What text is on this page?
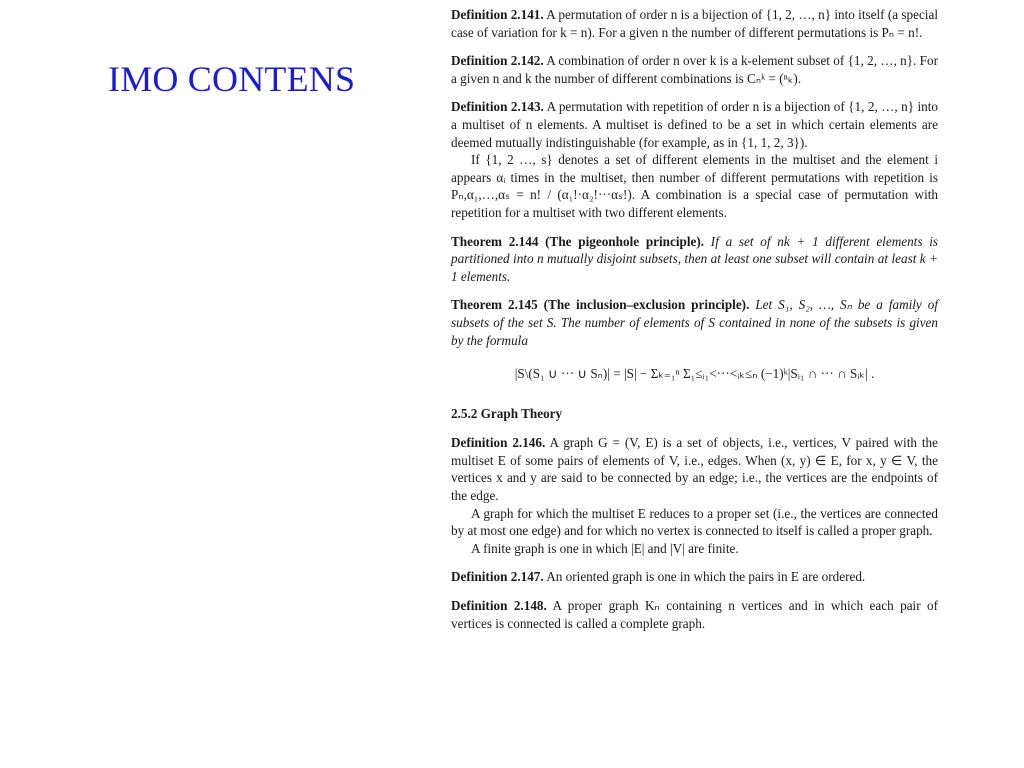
IMO CONTENS

Definition 2.141. A permutation of order n is a bijection of {1, 2, …, n} into itself (a special case of variation for k = n). For a given n the number of different permutations is Pₙ = n!.

Definition 2.142. A combination of order n over k is a k-element subset of {1, 2, …, n}. For a given n and k the number of different combinations is Cₙᵏ = (ⁿₖ).

Definition 2.143. A permutation with repetition of order n is a bijection of {1, 2, …, n} into a multiset of n elements. A multiset is defined to be a set in which certain elements are deemed mutually indistinguishable (for example, as in {1, 1, 2, 3}).

If {1, 2 …, s} denotes a set of different elements in the multiset and the element i appears αᵢ times in the multiset, then number of different permutations with repetition is Pₙ,α₁,…,αₛ = n! / (α₁!·α₂!···αₛ!). A combination is a special case of permutation with repetition for a multiset with two different elements.

Theorem 2.144 (The pigeonhole principle). If a set of nk + 1 different elements is partitioned into n mutually disjoint subsets, then at least one subset will contain at least k + 1 elements.

Theorem 2.145 (The inclusion–exclusion principle). Let S₁, S₂, …, Sₙ be a family of subsets of the set S. The number of elements of S contained in none of the subsets is given by the formula

|S\(S₁ ∪ ··· ∪ Sₙ)| = |S| − Σₖ₌₁ⁿ Σ₁≤ᵢ₁<···<ᵢₖ≤ₙ (−1)ᵏ|Sᵢ₁ ∩ ··· ∩ Sᵢₖ| .
2.5.2 Graph Theory

Definition 2.146. A graph G = (V, E) is a set of objects, i.e., vertices, V paired with the multiset E of some pairs of elements of V, i.e., edges. When (x, y) ∈ E, for x, y ∈ V, the vertices x and y are said to be connected by an edge; i.e., the vertices are the endpoints of the edge.

A graph for which the multiset E reduces to a proper set (i.e., the vertices are connected by at most one edge) and for which no vertex is connected to itself is called a proper graph.

A finite graph is one in which |E| and |V| are finite.

Definition 2.147. An oriented graph is one in which the pairs in E are ordered.

Definition 2.148. A proper graph Kₙ containing n vertices and in which each pair of vertices is connected is called a complete graph.
